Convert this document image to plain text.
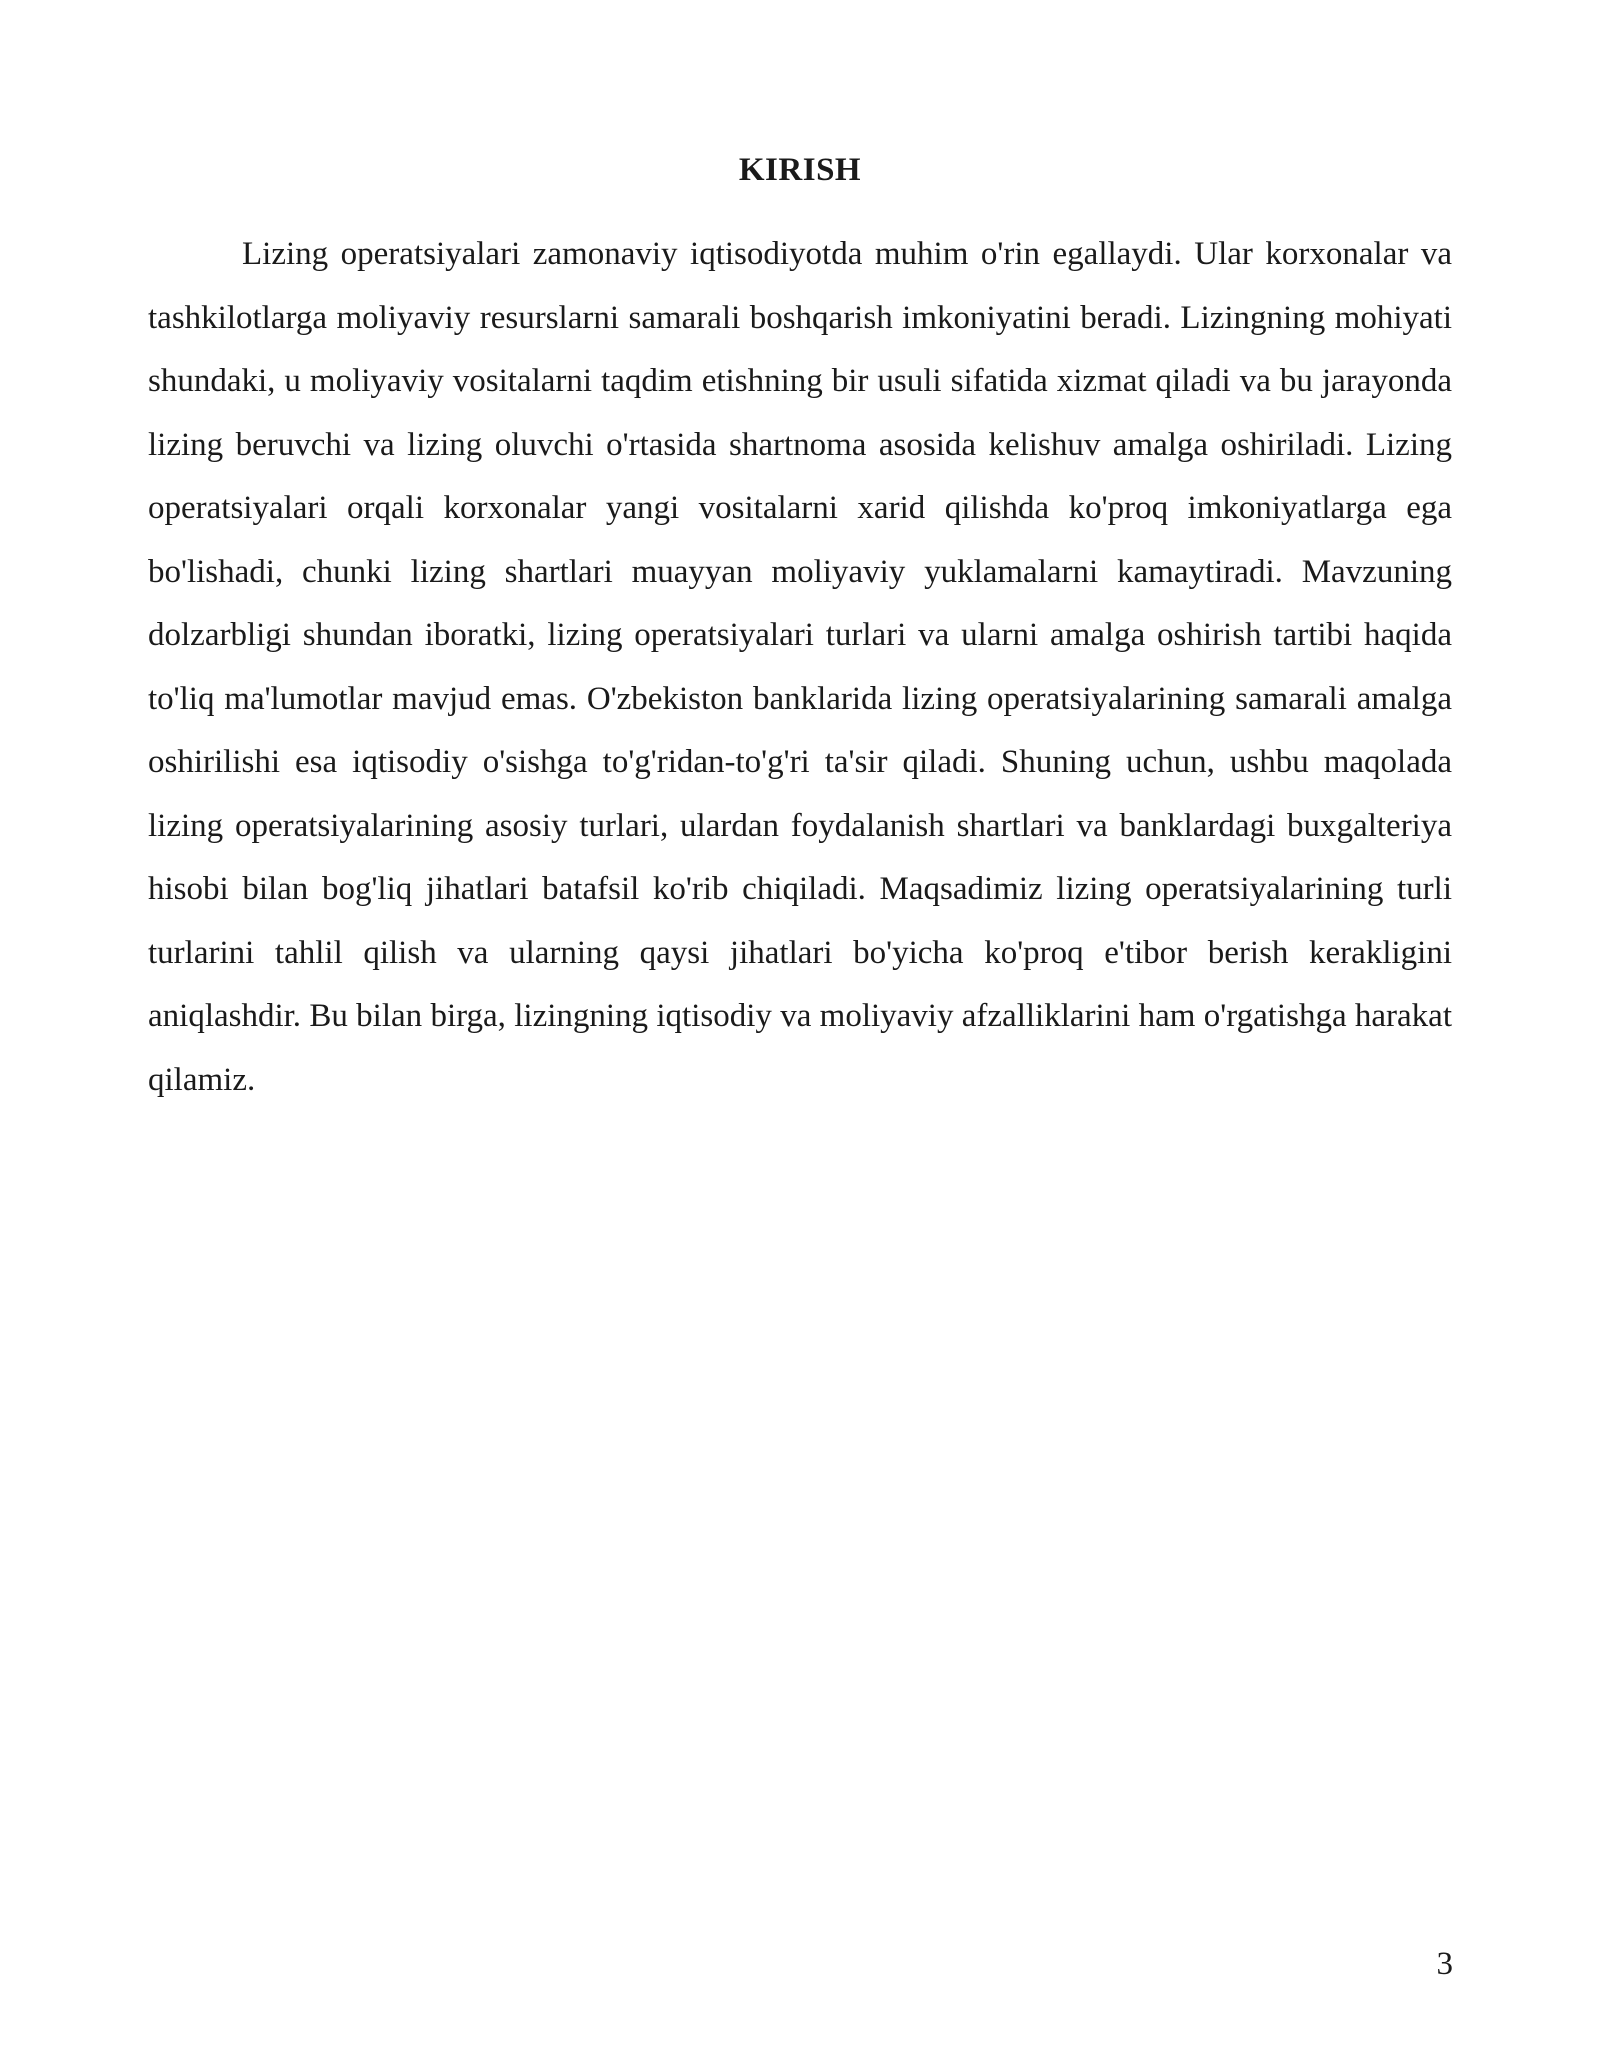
KIRISH

Lizing operatsiyalari zamonaviy iqtisodiyotda muhim o'rin egallaydi. Ular korxonalar va tashkilotlarga moliyaviy resurslarni samarali boshqarish imkoniyatini beradi. Lizingning mohiyati shundaki, u moliyaviy vositalarni taqdim etishning bir usuli sifatida xizmat qiladi va bu jarayonda lizing beruvchi va lizing oluvchi o'rtasida shartnoma asosida kelishuv amalga oshiriladi. Lizing operatsiyalari orqali korxonalar yangi vositalarni xarid qilishda ko'proq imkoniyatlarga ega bo'lishadi, chunki lizing shartlari muayyan moliyaviy yuklamalarni kamaytiradi. Mavzuning dolzarbligi shundan iboratki, lizing operatsiyalari turlari va ularni amalga oshirish tartibi haqida to'liq ma'lumotlar mavjud emas. O'zbekiston banklarida lizing operatsiyalarining samarali amalga oshirilishi esa iqtisodiy o'sishga to'g'ridan-to'g'ri ta'sir qiladi. Shuning uchun, ushbu maqolada lizing operatsiyalarining asosiy turlari, ulardan foydalanish shartlari va banklardagi buxgalteriya hisobi bilan bog'liq jihatlari batafsil ko'rib chiqiladi. Maqsadimiz lizing operatsiyalarining turli turlarini tahlil qilish va ularning qaysi jihatlari bo'yicha ko'proq e'tibor berish kerakligini aniqlashdir. Bu bilan birga, lizingning iqtisodiy va moliyaviy afzalliklarini ham o'rgatishga harakat qilamiz.

3
